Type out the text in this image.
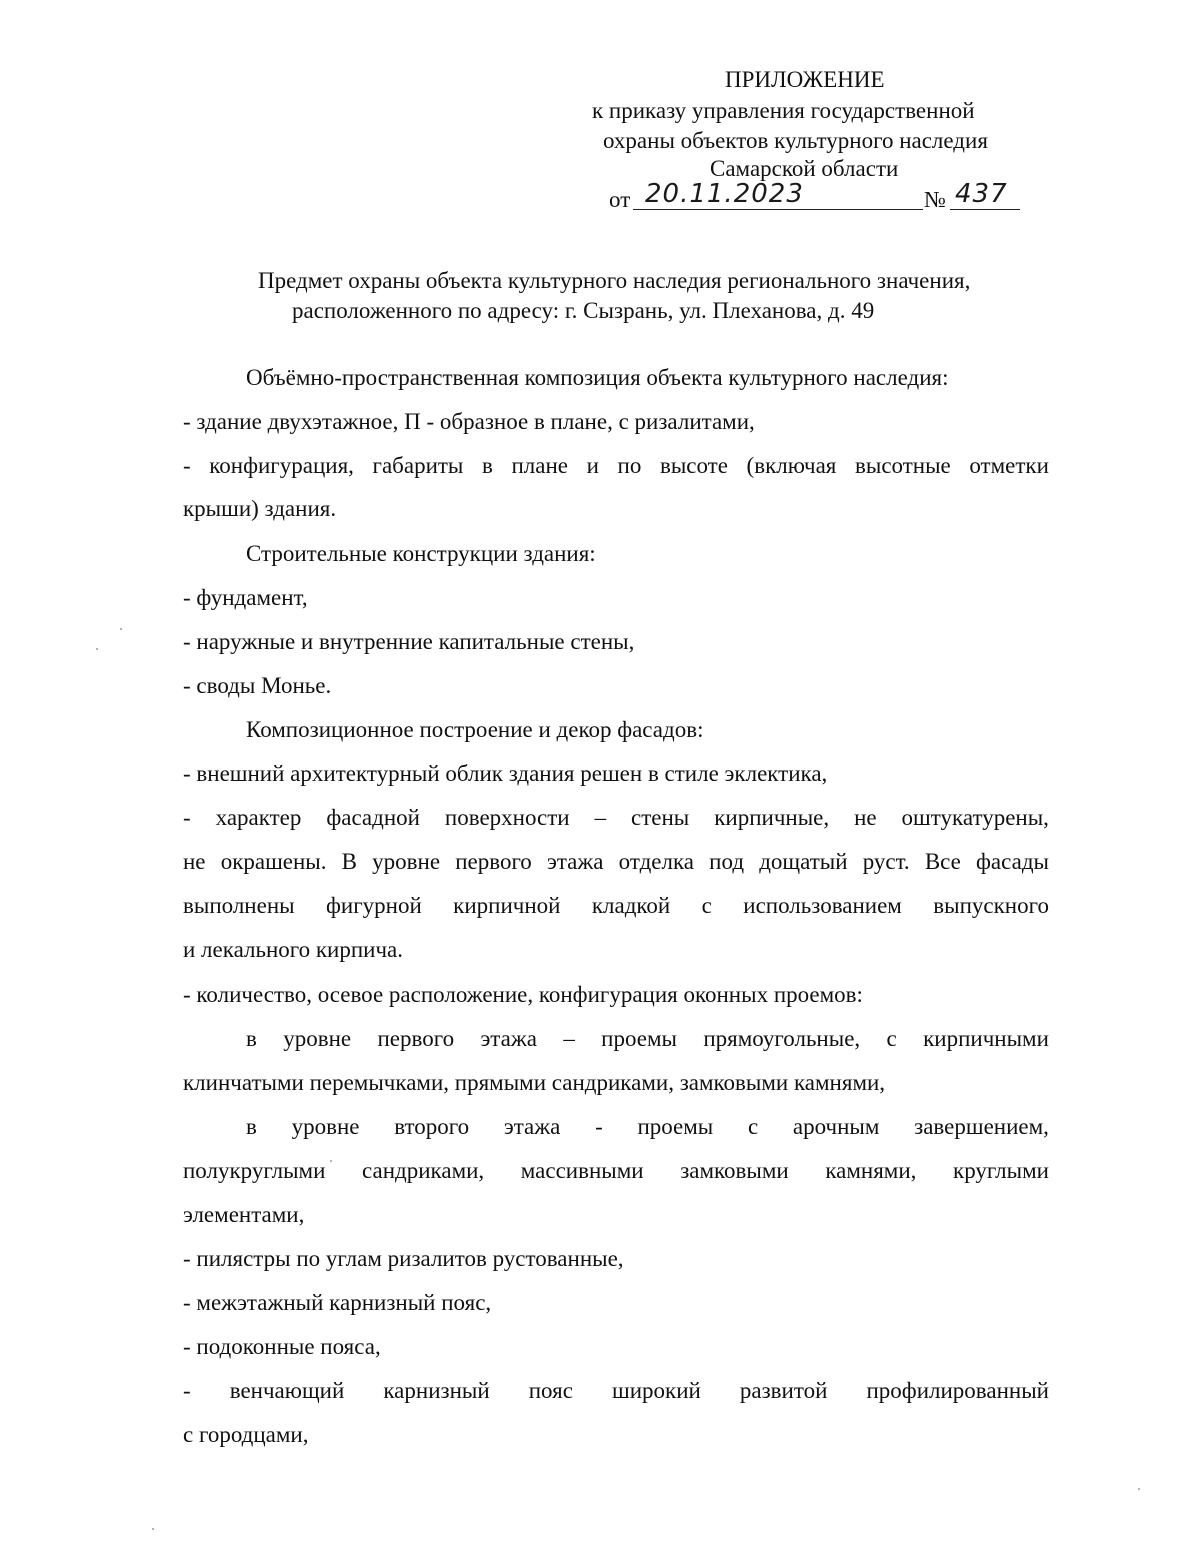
ПРИЛОЖЕНИЕ
к приказу управления государственной
охраны объектов культурного наследия
Самарской области
от 20.11.2023	№ 437
Предмет охраны объекта культурного наследия регионального значения,
расположенного по адресу: г. Сызрань, ул. Плеханова, д. 49
Объёмно-пространственная композиция объекта культурного наследия:
- здание двухэтажное, П - образное в плане, с ризалитами,
- конфигурация, габариты в плане и по высоте (включая высотные отметки
крыши) здания.
Строительные конструкции здания:
- фундамент,
- наружные и внутренние капитальные стены,
- своды Монье.
Композиционное построение и декор фасадов:
- внешний архитектурный облик здания решен в стиле эклектика,
- характер фасадной поверхности – стены кирпичные, не оштукатурены,
не окрашены. В уровне первого этажа отделка под дощатый руст. Все фасады
выполнены фигурной кирпичной кладкой с использованием выпускного
и лекального кирпича.
- количество, осевое расположение, конфигурация оконных проемов:
в уровне первого этажа – проемы прямоугольные, с кирпичными
клинчатыми перемычками, прямыми сандриками, замковыми камнями,
в уровне второго этажа - проемы с арочным завершением,
полукруглыми сандриками, массивными замковыми камнями, круглыми
элементами,
- пилястры по углам ризалитов рустованные,
- межэтажный карнизный пояс,
- подоконные пояса,
- венчающий карнизный пояс широкий развитой профилированный
с городцами,
